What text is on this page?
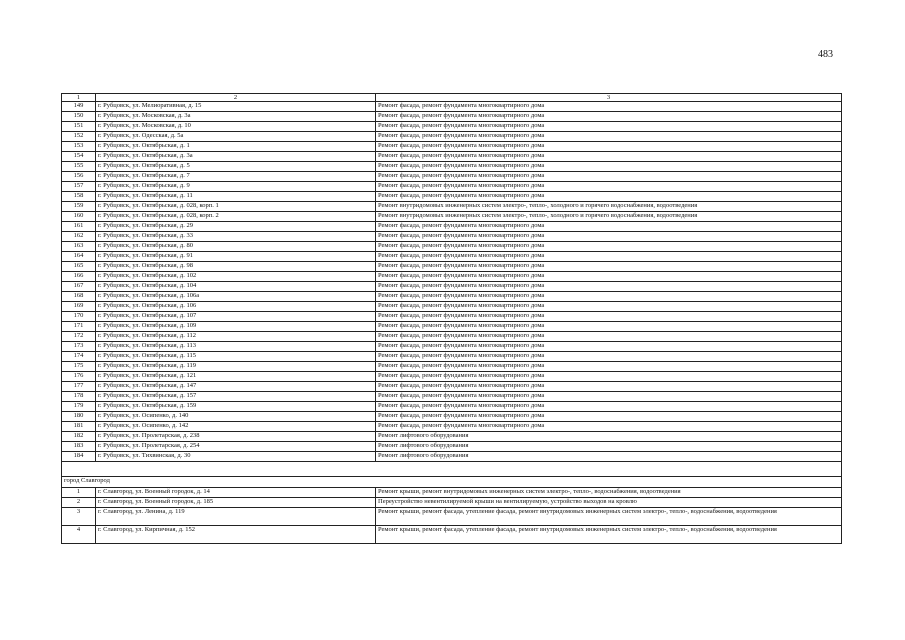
483
1	2	3
149	г. Рубцовск, ул. Мелиоративная, д. 15	Ремонт фасада, ремонт фундамента многоквартирного дома
150	г. Рубцовск, ул. Московская, д. 3а	Ремонт фасада, ремонт фундамента многоквартирного дома
151	г. Рубцовск, ул. Московская, д. 10	Ремонт фасада, ремонт фундамента многоквартирного дома
152	г. Рубцовск, ул. Одесская, д. 5а	Ремонт фасада, ремонт фундамента многоквартирного дома
153	г. Рубцовск, ул. Октябрьская, д. 1	Ремонт фасада, ремонт фундамента многоквартирного дома
154	г. Рубцовск, ул. Октябрьская, д. 3а	Ремонт фасада, ремонт фундамента многоквартирного дома
155	г. Рубцовск, ул. Октябрьская, д. 5	Ремонт фасада, ремонт фундамента многоквартирного дома
156	г. Рубцовск, ул. Октябрьская, д. 7	Ремонт фасада, ремонт фундамента многоквартирного дома
157	г. Рубцовск, ул. Октябрьская, д. 9	Ремонт фасада, ремонт фундамента многоквартирного дома
158	г. Рубцовск, ул. Октябрьская, д. 11	Ремонт фасада, ремонт фундамента многоквартирного дома
159	г. Рубцовск, ул. Октябрьская, д. 028, корп. 1	Ремонт внутридомовых инженерных систем электро-, тепло-, холодного и горячего водоснабжения, водоотведения
160	г. Рубцовск, ул. Октябрьская, д. 028, корп. 2	Ремонт внутридомовых инженерных систем электро-, тепло-, холодного и горячего водоснабжения, водоотведения
161	г. Рубцовск, ул. Октябрьская, д. 29	Ремонт фасада, ремонт фундамента многоквартирного дома
162	г. Рубцовск, ул. Октябрьская, д. 33	Ремонт фасада, ремонт фундамента многоквартирного дома
163	г. Рубцовск, ул. Октябрьская, д. 80	Ремонт фасада, ремонт фундамента многоквартирного дома
164	г. Рубцовск, ул. Октябрьская, д. 91	Ремонт фасада, ремонт фундамента многоквартирного дома
165	г. Рубцовск, ул. Октябрьская, д. 98	Ремонт фасада, ремонт фундамента многоквартирного дома
166	г. Рубцовск, ул. Октябрьская, д. 102	Ремонт фасада, ремонт фундамента многоквартирного дома
167	г. Рубцовск, ул. Октябрьская, д. 104	Ремонт фасада, ремонт фундамента многоквартирного дома
168	г. Рубцовск, ул. Октябрьская, д. 106а	Ремонт фасада, ремонт фундамента многоквартирного дома
169	г. Рубцовск, ул. Октябрьская, д. 106	Ремонт фасада, ремонт фундамента многоквартирного дома
170	г. Рубцовск, ул. Октябрьская, д. 107	Ремонт фасада, ремонт фундамента многоквартирного дома
171	г. Рубцовск, ул. Октябрьская, д. 109	Ремонт фасада, ремонт фундамента многоквартирного дома
172	г. Рубцовск, ул. Октябрьская, д. 112	Ремонт фасада, ремонт фундамента многоквартирного дома
173	г. Рубцовск, ул. Октябрьская, д. 113	Ремонт фасада, ремонт фундамента многоквартирного дома
174	г. Рубцовск, ул. Октябрьская, д. 115	Ремонт фасада, ремонт фундамента многоквартирного дома
175	г. Рубцовск, ул. Октябрьская, д. 119	Ремонт фасада, ремонт фундамента многоквартирного дома
176	г. Рубцовск, ул. Октябрьская, д. 121	Ремонт фасада, ремонт фундамента многоквартирного дома
177	г. Рубцовск, ул. Октябрьская, д. 147	Ремонт фасада, ремонт фундамента многоквартирного дома
178	г. Рубцовск, ул. Октябрьская, д. 157	Ремонт фасада, ремонт фундамента многоквартирного дома
179	г. Рубцовск, ул. Октябрьская, д. 159	Ремонт фасада, ремонт фундамента многоквартирного дома
180	г. Рубцовск, ул. Осипенко, д. 140	Ремонт фасада, ремонт фундамента многоквартирного дома
181	г. Рубцовск, ул. Осипенко, д. 142	Ремонт фасада, ремонт фундамента многоквартирного дома
182	г. Рубцовск, ул. Пролетарская, д. 238	Ремонт лифтового оборудования
183	г. Рубцовск, ул. Пролетарская, д. 254	Ремонт лифтового оборудования
184	г. Рубцовск, ул. Тихвинская, д. 30	Ремонт лифтового оборудования

город Славгород		
1	г. Славгород, ул. Военный городок, д. 14	Ремонт крыши, ремонт внутридомовых инженерных систем электро-, тепло-, водоснабжения, водоотведения
2	г. Славгород, ул. Военный городок, д. 185	Переустройство невентилируемой крыши на вентилируемую, устройство выходов на кровлю
3	г. Славгород, ул. Ленина, д. 119	Ремонт крыши, ремонт фасада, утепление фасада, ремонт внутридомовых инженерных систем электро-, тепло-, водоснабжения, водоотведения
4	г. Славгород, ул. Кирпичная, д. 152	Ремонт крыши, ремонт фасада, утепление фасада, ремонт внутридомовых инженерных систем электро-, тепло-, водоснабжения, водоотведения
